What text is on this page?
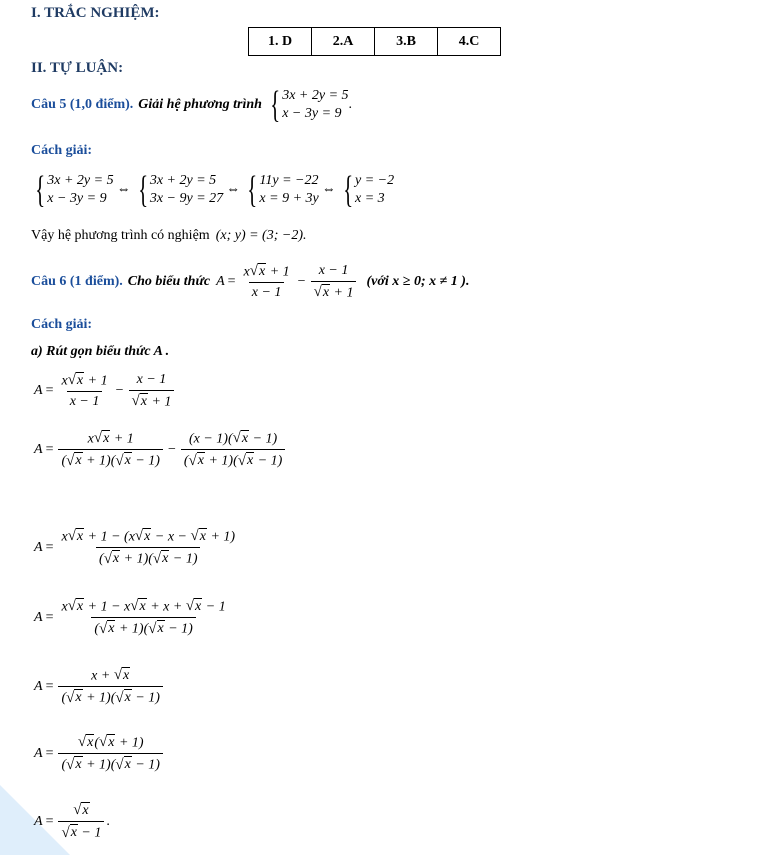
I. TRẮC NGHIỆM:
1. D	2.A	3.B	4.C
II. TỰ LUẬN:
Câu 5 (1,0 điểm). Giải hệ phương trình { 3x + 2y = 5
x − 3y = 9
.
Cách giải:
{ 3x + 2y = 5
x − 3y = 9
⇔ { 3x + 2y = 5
3x − 9y = 27
⇔ { 11y = −22
x = 9 + 3y
⇔ { y = −2
x = 3
Vậy hệ phương trình có nghiệm (x; y) = (3; −2).
Câu 6 (1 điểm). Cho biểu thức $A = \frac{x √ x + 1}{x - 1} - \frac{x - 1}{√ x + 1}$ (với x ≥ 0; x ≠ 1 ).
Cách giải:
a) Rút gọn biểu thức A .
$A = \frac{x √ x + 1}{x - 1} - \frac{x - 1}{√ x + 1}$
$A = \frac{x √ x + 1}{( √ x + 1)( √ x - 1)} - \frac{(x - 1)( √ x - 1)}{( √ x + 1)( √ x - 1)}$
$A = \frac{x √ x + 1 - (x √ x - x - √ x + 1)}{( √ x + 1)( √ x - 1)}$
$A = \frac{x √ x + 1 - x √ x + x + √ x - 1}{( √ x + 1)( √ x - 1)}$
$A = \frac{x + √ x}{( √ x + 1)( √ x - 1)}$
$A = \frac{√ x ( √ x + 1)}{( √ x + 1)( √ x - 1)}$
$A = \frac{√ x}{√ x - 1}$ .
